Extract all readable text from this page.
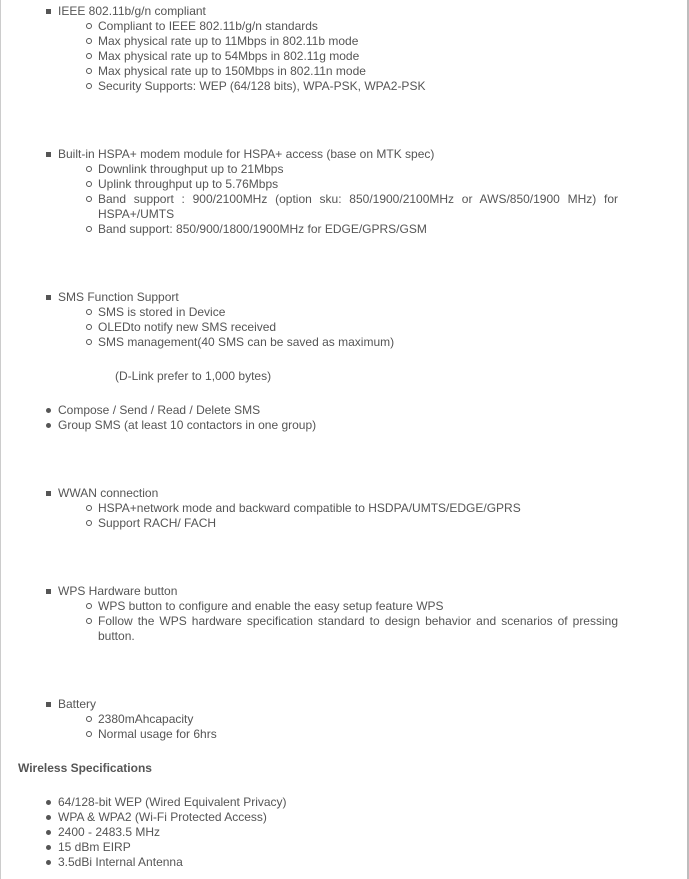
IEEE 802.11b/g/n compliant
Compliant to IEEE 802.11b/g/n standards
Max physical rate up to 11Mbps in 802.11b mode
Max physical rate up to 54Mbps in 802.11g mode
Max physical rate up to 150Mbps in 802.11n mode
Security Supports: WEP (64/128 bits), WPA-PSK, WPA2-PSK
Built-in HSPA+ modem module for HSPA+ access (base on MTK spec)
Downlink throughput up to 21Mbps
Uplink throughput up to 5.76Mbps
Band support : 900/2100MHz (option sku: 850/1900/2100MHz or AWS/850/1900 MHz) for HSPA+/UMTS
Band support: 850/900/1800/1900MHz for EDGE/GPRS/GSM
SMS Function Support
SMS is stored in Device
OLEDto notify new SMS received
SMS management(40 SMS can be saved as maximum)
(D-Link prefer to 1,000 bytes)
Compose / Send / Read / Delete SMS
Group SMS (at least 10 contactors in one group)
WWAN connection
HSPA+network mode and backward compatible to HSDPA/UMTS/EDGE/GPRS
Support RACH/ FACH
WPS Hardware button
WPS button to configure and enable the easy setup feature WPS
Follow the WPS hardware specification standard to design behavior and scenarios of pressing button.
Battery
2380mAhcapacity
Normal usage for 6hrs
Wireless Specifications
64/128-bit WEP (Wired Equivalent Privacy)
WPA & WPA2 (Wi-Fi Protected Access)
2400 - 2483.5 MHz
15 dBm EIRP
3.5dBi Internal Antenna
